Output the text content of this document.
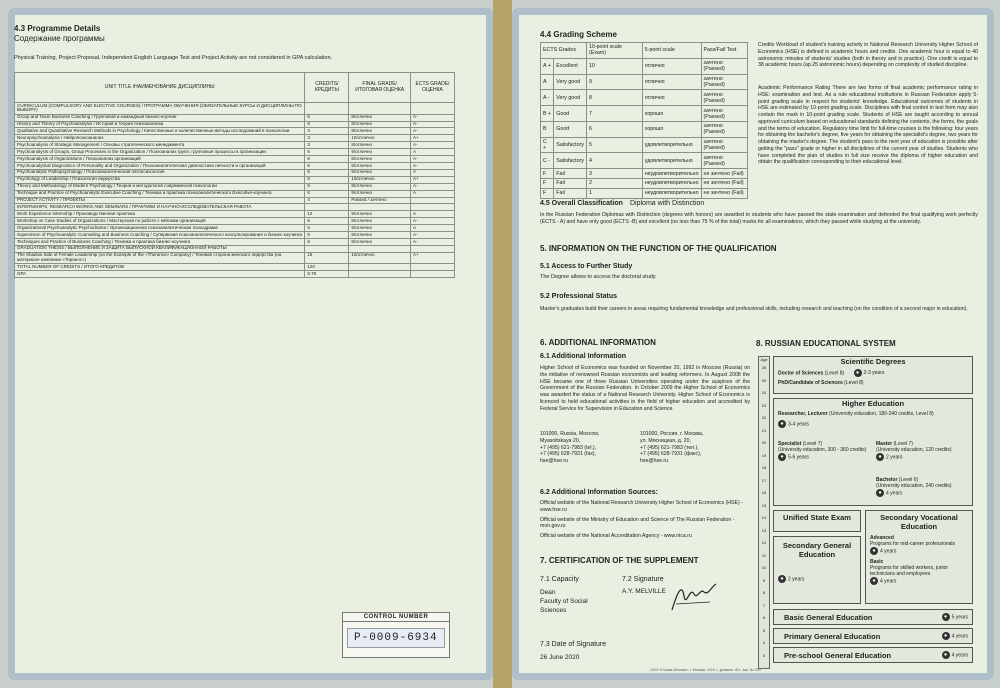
4.3 Programme Details
Содержание программы
Physical Training, Project Proposal, Independent English Language Test and Project Activity are not considered in GPA calculation.
UNIT TITLE /НАИМЕНОВАНИЕ ДИСЦИПЛИНЫ	CREDITS/ КРЕДИТЫ	FINAL GRADE/ ИТОГОВАЯ ОЦЕНКА	ECTS GRADE/ ОЦЕНКА
CURRICULUM (COMPULSORY AND ELECTIVE COURSES) / ПРОГРАММА ОБУЧЕНИЯ (ОБЯЗАТЕЛЬНЫЕ КУРСЫ И ДИСЦИПЛИНЫ ПО ВЫБОРУ)			
Group and Team Business Coaching / Групповой и командный бизнес-коучинг	6	8/отлично	A-
History and Theory of Psychoanalysis / История и теория психоанализа	6	8/отлично	A-
Qualitative and Quantitative Research Methods in Psychology / Качественные и количественные методы исследований в психологии	3	8/отлично	A-
Neuropsychoanalysis / Нейропсихоанализ	3	10/отлично	A+
Psychoanalysis of Strategic Management / Основы стратегического менеджмента	3	8/отлично	A-
Psychoanalysis of Groups, Group Processes in the Organization / Психоанализ групп, групповые процессы в организации	6	9/отлично	A
Psychoanalysis of Organizations / Психоанализ организаций	6	8/отлично	A-
Psychoanalytical Diagnostics of Personality and Organization / Психоаналитическая диагностика личности и организаций	6	8/отлично	A-
Psychoanalytic Pathopsychology / Психоаналитическая патопсихология	6	9/отлично	A
Psychology of Leadership / Психология лидерства	6	10/отлично	A+
Theory and Methodology of Modern Psychology / Теория и методология современной психологии	6	8/отлично	A-
Technique and Practice of Psychoanalytic Executive Coaching / Техника и практика психоаналитического Executive-коучинга	6	9/отлично	A
PROJECT ACTIVITY / ПРОЕКТЫ	4	Passed / зачтено	
INTERNSHIPS, RESEARCH WORKS AND SEMINARS / ПРАКТИКИ И НАУЧНО-ИССЛЕДОВАТЕЛЬСКАЯ РАБОТА			
Work Experience Internship / Производственная практика	12	9/отлично	A
Workshop on Case Studies of Organizations / Мастерская по работе с кейсами организаций	6	8/отлично	A-
Organizational Psychoanalytic Psychodrama / Организационная психоаналитическая психодрама	6	9/отлично	A
Supervision of Psychoanalytic Counseling and Business Coaching / Супервизия психоаналитического консультирования и бизнес-коучинга	6	8/отлично	A-
Techniques and Practice of Business Coaching / Техника и практика бизнес-коучинга	6	8/отлично	A-
GRADUATION THESIS / ВЫПОЛНЕНИЕ И ЗАЩИТА ВЫПУСКНОЙ КВАЛИФИКАЦИОННОЙ РАБОТЫ			
The Shadow Side of Female Leadership (on the Example of the «Theranos» Company) / Теневая сторона женского лидерства (на материале компании «Теранос»)	15	10/отлично	A+
TOTAL NUMBER OF CREDITS / ИТОГО КРЕДИТОВ	120		
GPA	8.79		
CONTROL NUMBER
P-0009-6934
4.4 Grading Scheme
ECTS Grades		10-point scale (Exam)	5-point scale	Pass/Fail Test
A +	Excellent	10	отлично	зачтено (Passed)
A	Very good	9	отлично	зачтено (Passed)
A -	Very good	8	отлично	зачтено (Passed)
B +	Good	7	хорошо	зачтено (Passed)
B	Good	6	хорошо	зачтено (Passed)
C +	Satisfactory	5	удовлетворительно	зачтено (Passed)
C -	Satisfactory	4	удовлетворительно	зачтено (Passed)
F	Fail	3	неудовлетворительно	не зачтено (Fail)
F	Fail	2	неудовлетворительно	не зачтено (Fail)
F	Fail	1	неудовлетворительно	не зачтено (Fail)
Credits Workload of student's training activity in National Research University Higher School of Economics (HSE) is defined in academic hours and credits. One academic hour is equal to 40 astronomic minutes of students' studies (both in theory and in practice). One credit is equal to 38 academic hours (ap.25 astronomic hours) depending on complexity of studied discipline.
Academic Performance Rating There are two forms of final academic performance rating in HSE: examination and test. As a rule educational institutions in Russian Federation apply 5-point grading scale in respect for students' knowledge. Educational outcomes of students in HSE are estimated by 10-point grading scale. Disciplines with final control in test form may also contain the mark in 10-point grading scale. Students of HSE are taught according to annual approved curriculum based on educational standards defining the contents, the forms, the goals and the terms of education. Regulatory time limit for full-time courses is the following: four years for obtaining the bachelor's degree, five years for obtaining the specialist's degree, two years for obtaining the master's degree. The student's pass to the next year of education is possible after getting the "pass" grade or higher in all disciplines of the current year of studies. Students who have completed the plan of studies in full size receive the diploma of higher education and obtain the qualification corresponding to their educational level.
4.5 Overall Classification Diploma with Distinction
In the Russian Federation Diplomas with Distinction (degrees with honors) are awarded to students who have passed the state examination and defended the final qualifying work perfectly (ECTS - A) and have only good (ECTS -B) and excellent (no less than 75 % of the total) marks for all examinations, which they passed while studying at the university.
5. INFORMATION ON THE FUNCTION OF THE QUALIFICATION
5.1 Access to Further Study
The Degree allows to access the doctoral study.
5.2 Professional Status
Master's graduates build their careers in areas requiring fundamental knowledge and professional skills, including research and teaching (on the condition of a second major in education).
6. ADDITIONAL INFORMATION
6.1 Additional Information
Higher School of Economics was founded on November 20, 1992 in Moscow (Russia) on the initiative of renowned Russian economists and leading reformers. In August 2008 the HSE became one of three Russian Universities operating under the auspices of the Government of the Russian Federation. In October 2009 the Higher School of Economics was awarded the status of a National Research University. Higher School of Economics is licenced to held educational activities in the field of higher education and accredited by Federal Service for Supervision in Education and Science.
101000, Russia, Moscow,
Myasnitskaya 20,
+7 (495) 621-7983 (tel.),
+7 (495) 628-7931 (fax),
hse@hse.ru
101000, Россия, г. Москва,
ул. Мясницкая, д. 20,
+7 (495) 621-7983 (тел.),
+7 (495) 628-7931 (факс),
hse@hse.ru
6.2 Additional Information Sources:
Official website of the National Research University Higher School of Economics (HSE) - www.hse.ru
Official website of the Ministry of Education and Science of The Russian Federation - mon.gov.ru
Official website of the National Accreditation Agency - www.nica.ru
7. CERTIFICATION OF THE SUPPLEMENT
7.1 Capacity
Dean
Faculty of Social
Sciences
7.2 Signature
A.Y. MELVILLE
7.3 Date of Signature
26 June 2020
8. RUSSIAN EDUCATIONAL SYSTEM
Age
26
25
24
23
22
21
20
19
18
17
16
15
14
13
12
11
10
9
8
7
6
5
4
3
Scientific Degrees
Doctor of Sciences (Level 8) ● 2-3 years
PhD/Candidate of Sciences (Level 8)
Higher Education
Researcher, Lecturer (University education, 180-240 credits, Level 8)
● 3-4 years
Specialist (Level 7)
(University education, 300 - 360 credits)
● 5-6 years
Master (Level 7)
(University education, 120 credits)
● 2 years
Bachelor (Level 6)
(University education, 240 credits)
● 4 years
Unified State Exam
Secondary General Education
● 2 years
Secondary Vocational Education
Advanced
Programs for mid-career professionals
● 4 years
Basic
Programs for skilled workers, junior technicians and employees
● 4 years
Basic General Education	● 5 years
Primary General Education	● 4 years
Pre-school General Education	● 4 years
ООО «Гознак-Москва», г. Москва, 2019 г., уровень «Б», зак. № 000
